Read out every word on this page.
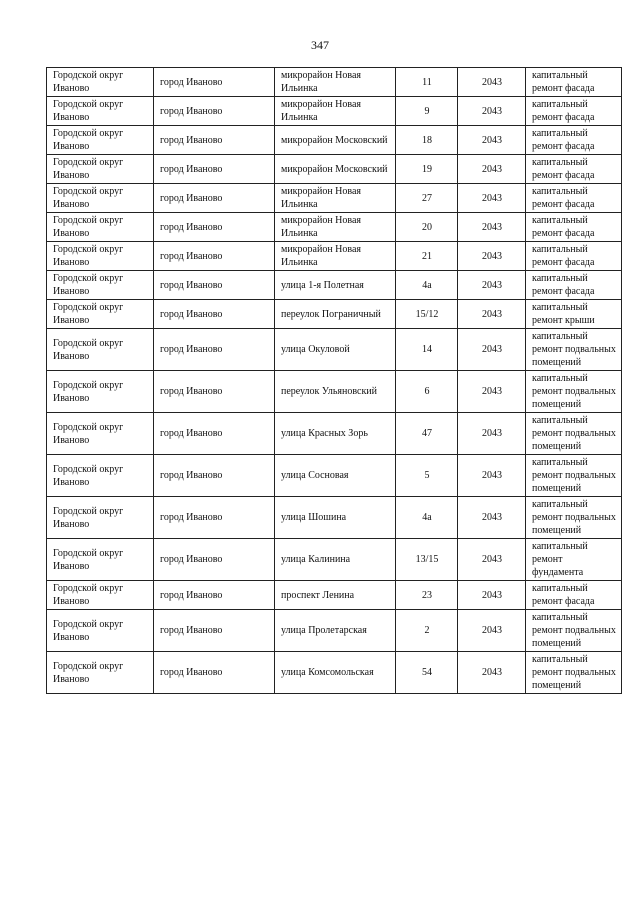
347
Городской округ Иваново	город Иваново	микрорайон Новая Ильинка	11	2043	капитальный ремонт фасада
Городской округ Иваново	город Иваново	микрорайон Новая Ильинка	9	2043	капитальный ремонт фасада
Городской округ Иваново	город Иваново	микрорайон Московский	18	2043	капитальный ремонт фасада
Городской округ Иваново	город Иваново	микрорайон Московский	19	2043	капитальный ремонт фасада
Городской округ Иваново	город Иваново	микрорайон Новая Ильинка	27	2043	капитальный ремонт фасада
Городской округ Иваново	город Иваново	микрорайон Новая Ильинка	20	2043	капитальный ремонт фасада
Городской округ Иваново	город Иваново	микрорайон Новая Ильинка	21	2043	капитальный ремонт фасада
Городской округ Иваново	город Иваново	улица 1-я Полетная	4а	2043	капитальный ремонт фасада
Городской округ Иваново	город Иваново	переулок Пограничный	15/12	2043	капитальный ремонт крыши
Городской округ Иваново	город Иваново	улица Окуловой	14	2043	капитальный ремонт подвальных помещений
Городской округ Иваново	город Иваново	переулок Ульяновский	6	2043	капитальный ремонт подвальных помещений
Городской округ Иваново	город Иваново	улица Красных Зорь	47	2043	капитальный ремонт подвальных помещений
Городской округ Иваново	город Иваново	улица Сосновая	5	2043	капитальный ремонт подвальных помещений
Городской округ Иваново	город Иваново	улица Шошина	4а	2043	капитальный ремонт подвальных помещений
Городской округ Иваново	город Иваново	улица Калинина	13/15	2043	капитальный ремонт фундамента
Городской округ Иваново	город Иваново	проспект Ленина	23	2043	капитальный ремонт фасада
Городской округ Иваново	город Иваново	улица Пролетарская	2	2043	капитальный ремонт подвальных помещений
Городской округ Иваново	город Иваново	улица Комсомольская	54	2043	капитальный ремонт подвальных помещений
